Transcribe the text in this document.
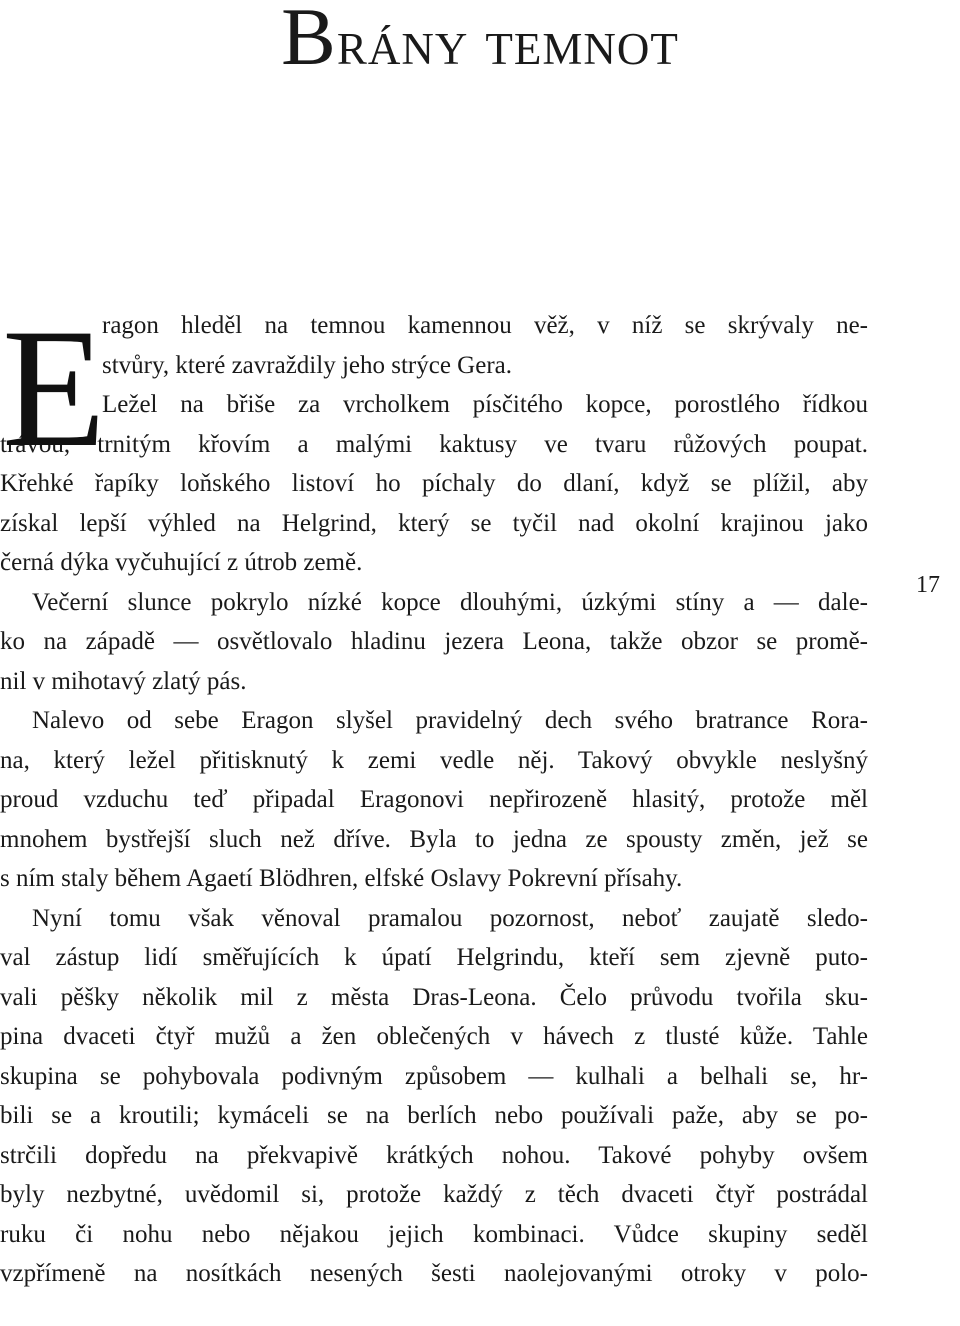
Brány temnot
E
ragon hleděl na temnou kamennou věž, v níž se skrývaly ne-
stvůry, které zavraždily jeho strýce Gera.
Ležel na břiše za vrcholkem písčitého kopce, porostlého řídkou
trávou, trnitým křovím a malými kaktusy ve tvaru růžových poupat.
Křehké řapíky loňského listoví ho píchaly do dlaní, když se plížil, aby
získal lepší výhled na Helgrind, který se tyčil nad okolní krajinou jako
černá dýka vyčuhující z útrob země.
Večerní slunce pokrylo nízké kopce dlouhými, úzkými stíny a — dale-
ko na západě — osvětlovalo hladinu jezera Leona, takže obzor se promě-
nil v mihotavý zlatý pás.
Nalevo od sebe Eragon slyšel pravidelný dech svého bratrance Rora-
na, který ležel přitisknutý k zemi vedle něj. Takový obvykle neslyšný
proud vzduchu teď připadal Eragonovi nepřirozeně hlasitý, protože měl
mnohem bystřejší sluch než dříve. Byla to jedna ze spousty změn, jež se
s ním staly během Agaetí Blödhren, elfské Oslavy Pokrevní přísahy.
Nyní tomu však věnoval pramalou pozornost, neboť zaujatě sledo-
val zástup lidí směřujících k úpatí Helgrindu, kteří sem zjevně puto-
vali pěšky několik mil z města Dras-Leona. Čelo průvodu tvořila sku-
pina dvaceti čtyř mužů a žen oblečených v hávech z tlusté kůže. Tahle
skupina se pohybovala podivným způsobem — kulhali a belhali se, hr-
bili se a kroutili; kymáceli se na berlích nebo používali paže, aby se po-
strčili dopředu na překvapivě krátkých nohou. Takové pohyby ovšem
byly nezbytné, uvědomil si, protože každý z těch dvaceti čtyř postrádal
ruku či nohu nebo nějakou jejich kombinaci. Vůdce skupiny seděl
vzpřímeně na nosítkách nesených šesti naolejovanými otroky v polo-
17
